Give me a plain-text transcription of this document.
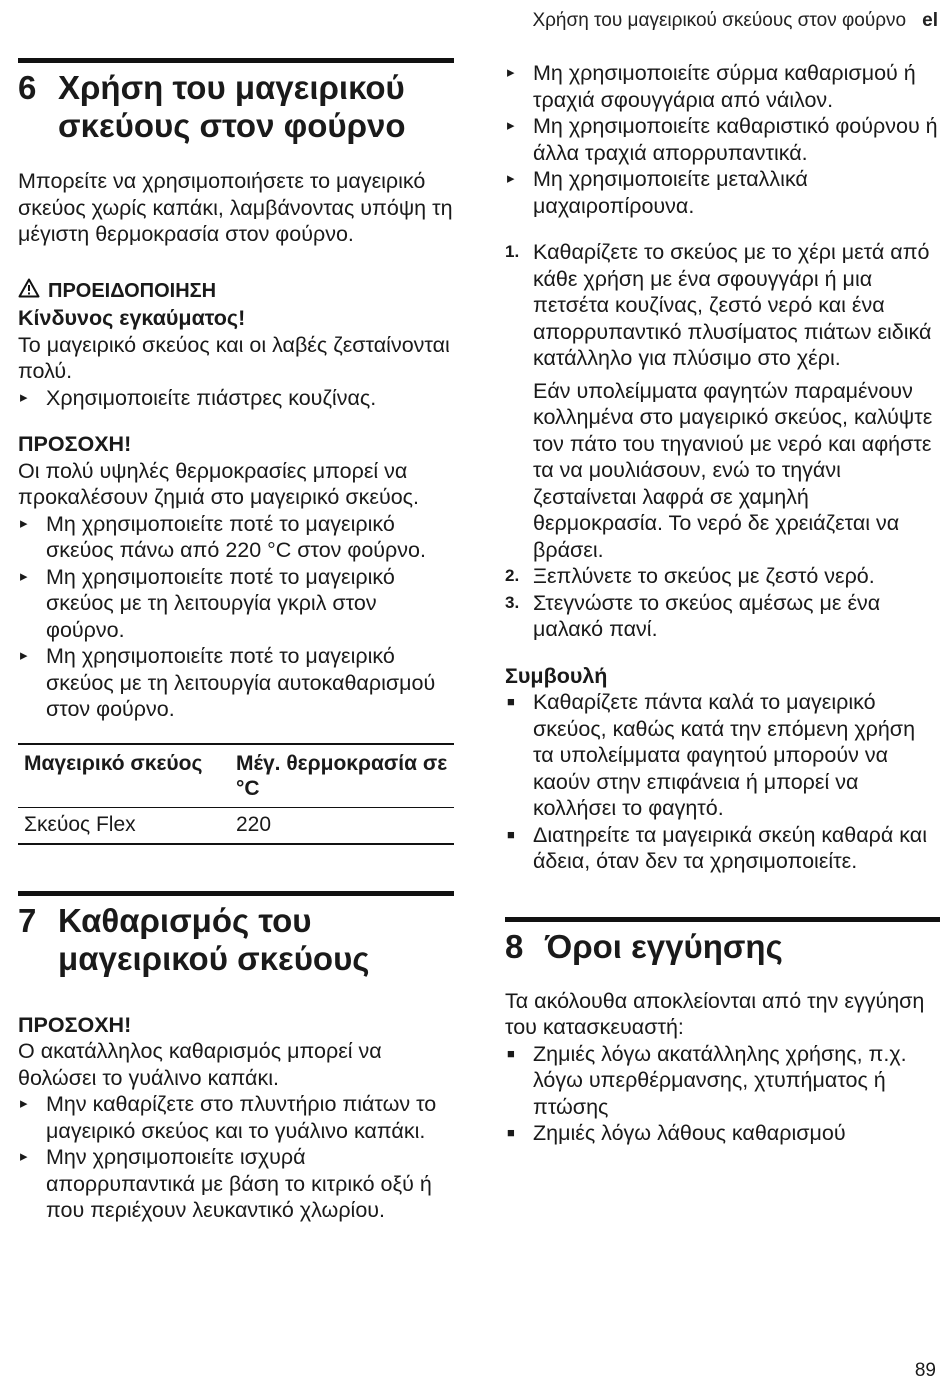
Χρήση του μαγειρικού σκεύους στον φούρνο el
6 Χρήση του μαγειρικού σκεύους στον φούρνο

Μπορείτε να χρησιμοποιήσετε το μαγειρικό σκεύος χωρίς καπάκι, λαμβάνοντας υπόψη τη μέγιστη θερμοκρασία στον φούρνο.

ΠΡΟΕΙΔΟΠΟΙΗΣΗ

Κίνδυνος εγκαύματος!

Το μαγειρικό σκεύος και οι λαβές ζεσταίνονται πολύ.

▸ Χρησιμοποιείτε πιάστρες κουζίνας.

ΠΡΟΣΟΧΗ!

Οι πολύ υψηλές θερμοκρασίες μπορεί να προκαλέσουν ζημιά στο μαγειρικό σκεύος.

▸ Μη χρησιμοποιείτε ποτέ το μαγειρικό σκεύος πάνω από 220 °C στον φούρνο.
▸ Μη χρησιμοποιείτε ποτέ το μαγειρικό σκεύος με τη λειτουργία γκριλ στον φούρνο.
▸ Μη χρησιμοποιείτε ποτέ το μαγειρικό σκεύος με τη λειτουργία αυτοκαθαρισμού στον φούρνο.
Μαγειρικό σκεύος	Μέγ. θερμοκρασία σε °C
Σκεύος Flex	220
7 Καθαρισμός του μαγειρικού σκεύους

ΠΡΟΣΟΧΗ!

Ο ακατάλληλος καθαρισμός μπορεί να θολώσει το γυάλινο καπάκι.

▸ Μην καθαρίζετε στο πλυντήριο πιάτων το μαγειρικό σκεύος και το γυάλινο καπάκι.
▸ Μην χρησιμοποιείτε ισχυρά απορρυπαντικά με βάση το κιτρικό οξύ ή που περιέχουν λευκαντικό χλωρίου.
▸ Μη χρησιμοποιείτε σύρμα καθαρισμού ή τραχιά σφουγγάρια από νάιλον.
▸ Μη χρησιμοποιείτε καθαριστικό φούρνου ή άλλα τραχιά απορρυπαντικά.
▸ Μη χρησιμοποιείτε μεταλλικά μαχαιροπίρουνα.
1. Καθαρίζετε το σκεύος με το χέρι μετά από κάθε χρήση με ένα σφουγγάρι ή μια πετσέτα κουζίνας, ζεστό νερό και ένα απορρυπαντικό πλυσίματος πιάτων ειδικά κατάλληλο για πλύσιμο στο χέρι.

Εάν υπολείμματα φαγητών παραμένουν κολλημένα στο μαγειρικό σκεύος, καλύψτε τον πάτο του τηγανιού με νερό και αφήστε τα να μουλιάσουν, ενώ το τηγάνι ζεσταίνεται λαφρά σε χαμηλή θερμοκρασία. Το νερό δε χρειάζεται να βράσει.

2. Ξεπλύνετε το σκεύος με ζεστό νερό.
3. Στεγνώστε το σκεύος αμέσως με ένα μαλακό πανί.

Συμβουλή

■ Καθαρίζετε πάντα καλά το μαγειρικό σκεύος, καθώς κατά την επόμενη χρήση τα υπολείμματα φαγητού μπορούν να καούν στην επιφάνεια ή μπορεί να κολλήσει το φαγητό.
■ Διατηρείτε τα μαγειρικά σκεύη καθαρά και άδεια, όταν δεν τα χρησιμοποιείτε.
8 Όροι εγγύησης

Τα ακόλουθα αποκλείονται από την εγγύηση του κατασκευαστή:

■ Ζημιές λόγω ακατάλληλης χρήσης, π.χ. λόγω υπερθέρμανσης, χτυπήματος ή πτώσης
■ Ζημιές λόγω λάθους καθαρισμού
89
